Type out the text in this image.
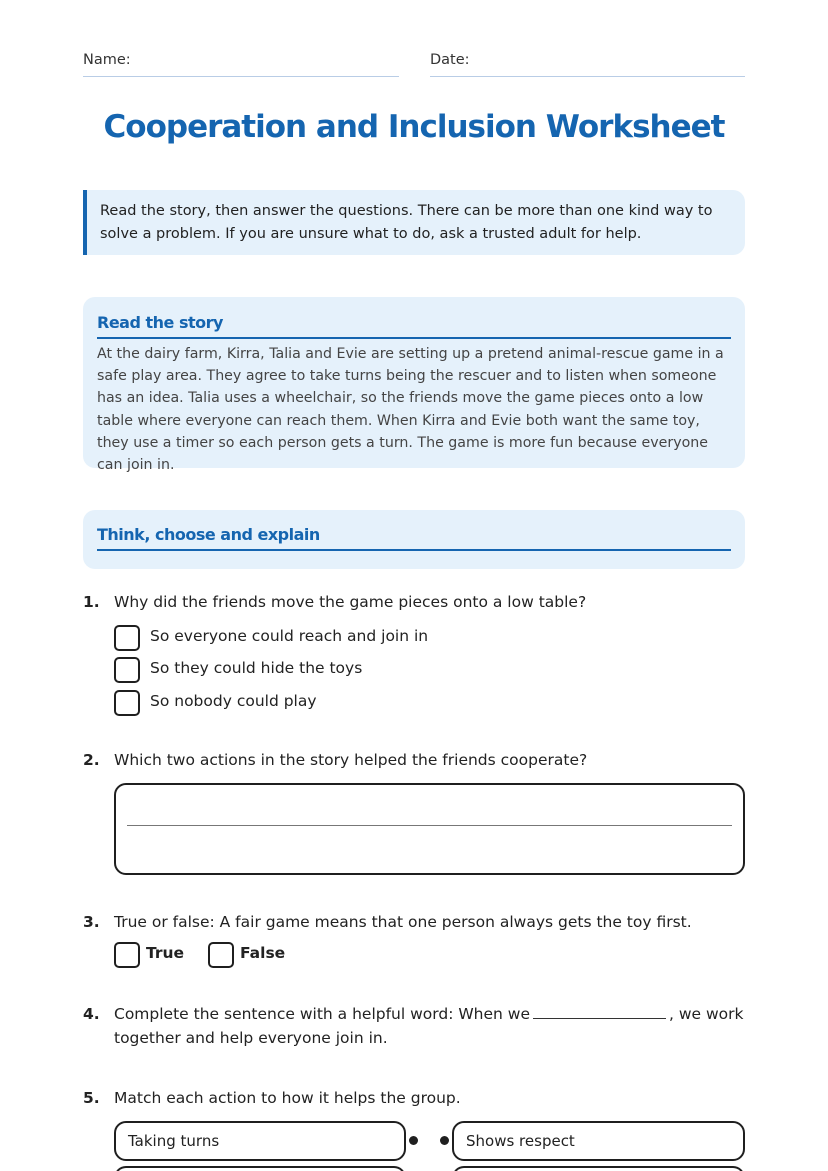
Name:	Date:
Cooperation and Inclusion Worksheet
Read the story, then answer the questions. There can be more than one kind way to solve a problem. If you are unsure what to do, ask a trusted adult for help.
Read the story
At the dairy farm, Kirra, Talia and Evie are setting up a pretend animal-rescue game in a safe play area. They agree to take turns being the rescuer and to listen when someone has an idea. Talia uses a wheelchair, so the friends move the game pieces onto a low table where everyone can reach them. When Kirra and Evie both want the same toy, they use a timer so each person gets a turn. The game is more fun because everyone can join in.
Think, choose and explain
1. Why did the friends move the game pieces onto a low table?
So everyone could reach and join in
So they could hide the toys
So nobody could play
2. Which two actions in the story helped the friends cooperate?
3. True or false: A fair game means that one person always gets the toy first.
True	False
4. Complete the sentence with a helpful word: When we	, we work together and help everyone join in.
5. Match each action to how it helps the group.
Taking turns	Shows respect
